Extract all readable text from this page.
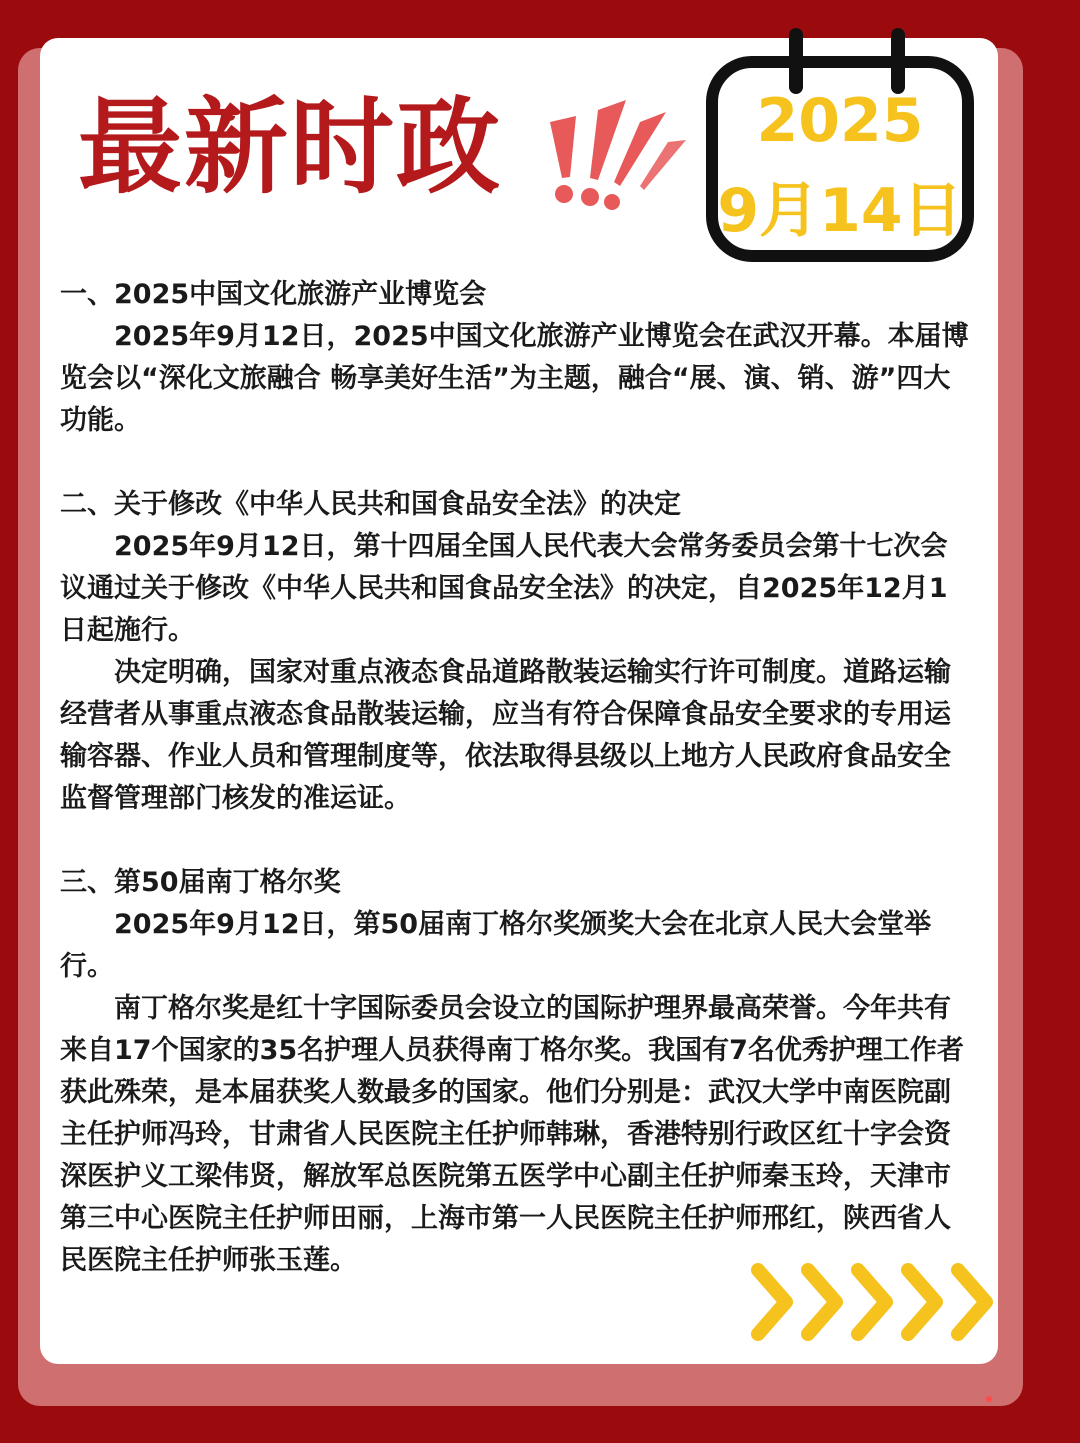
最新时政	2025
9月14日

一、2025中国文化旅游产业博览会

2025年9月12日，2025中国文化旅游产业博览会在武汉开幕。本届博览会以“深化文旅融合 畅享美好生活”为主题，融合“展、演、销、游”四大功能。

二、关于修改《中华人民共和国食品安全法》的决定

2025年9月12日，第十四届全国人民代表大会常务委员会第十七次会议通过关于修改《中华人民共和国食品安全法》的决定，自2025年12月1日起施行。

决定明确，国家对重点液态食品道路散装运输实行许可制度。道路运输经营者从事重点液态食品散装运输，应当有符合保障食品安全要求的专用运输容器、作业人员和管理制度等，依法取得县级以上地方人民政府食品安全监督管理部门核发的准运证。

三、第50届南丁格尔奖

2025年9月12日，第50届南丁格尔奖颁奖大会在北京人民大会堂举行。

南丁格尔奖是红十字国际委员会设立的国际护理界最高荣誉。今年共有来自17个国家的35名护理人员获得南丁格尔奖。我国有7名优秀护理工作者获此殊荣，是本届获奖人数最多的国家。他们分别是：武汉大学中南医院副主任护师冯玲，甘肃省人民医院主任护师韩琳，香港特别行政区红十字会资深医护义工梁伟贤，解放军总医院第五医学中心副主任护师秦玉玲，天津市第三中心医院主任护师田丽，上海市第一人民医院主任护师邢红，陕西省人民医院主任护师张玉莲。
